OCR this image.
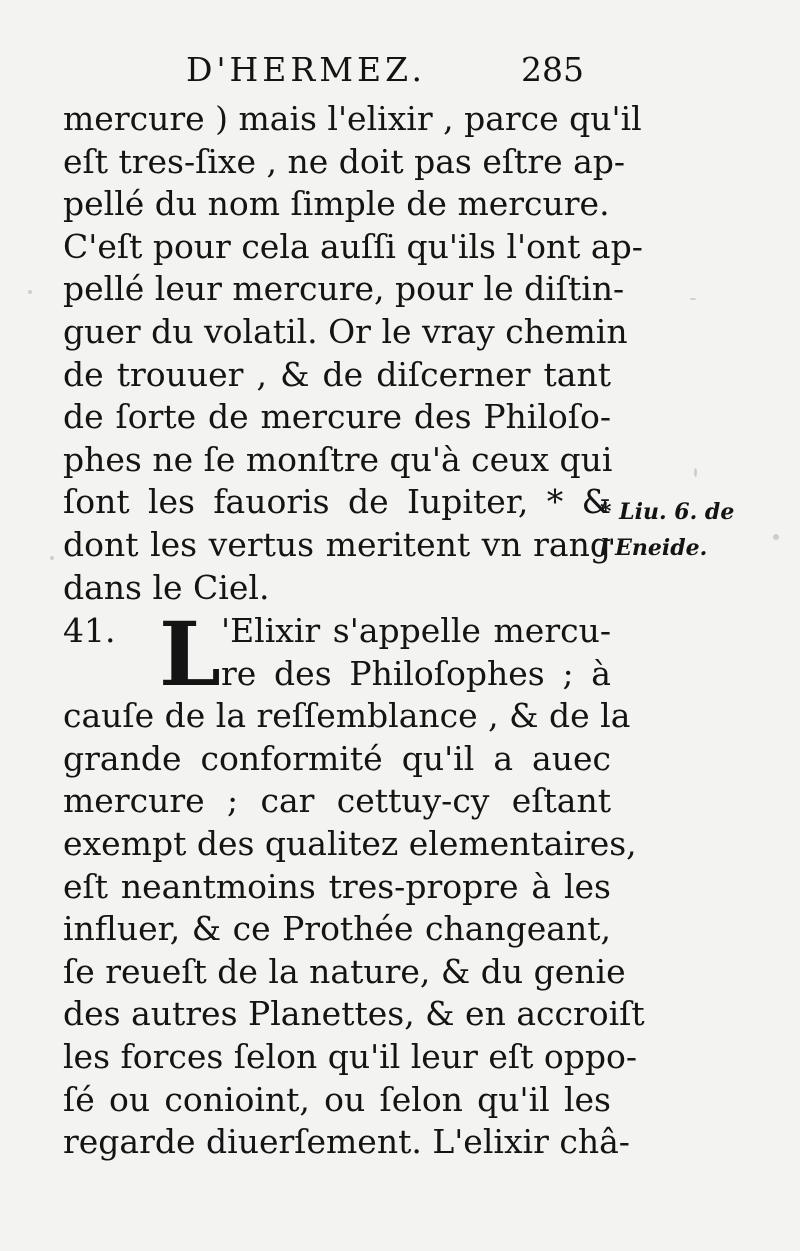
D'HERMEZ.	285
mercure ) mais l'elixir , parce qu'il
eſt tres-ſixe , ne doit pas eſtre ap-
pellé du nom ſimple de mercure.
C'eſt pour cela auſſi qu'ils l'ont ap-
pellé leur mercure, pour le diſtin-
guer du volatil. Or le vray chemin
de trouuer , & de diſcerner tant
de ſorte de mercure des Philoſo-
phes ne ſe monſtre qu'à ceux qui
ſont les fauoris de Iupiter, * &
dont les vertus meritent vn rang
dans le Ciel.
* Liu. 6. de
l'Eneide.
41. L 'Elixir s'appelle mercu-
re des Philoſophes ; à
cauſe de la reſſemblance , & de la
grande conformité qu'il a auec
mercure ; car cettuy-cy eſtant
exempt des qualitez elementaires,
eſt neantmoins tres-propre à les
influer, & ce Prothée changeant,
ſe reueſt de la nature, & du genie
des autres Planettes, & en accroiſt
les forces ſelon qu'il leur eſt oppo-
ſé ou conioint, ou ſelon qu'il les
regarde diuerſement. L'elixir châ-
